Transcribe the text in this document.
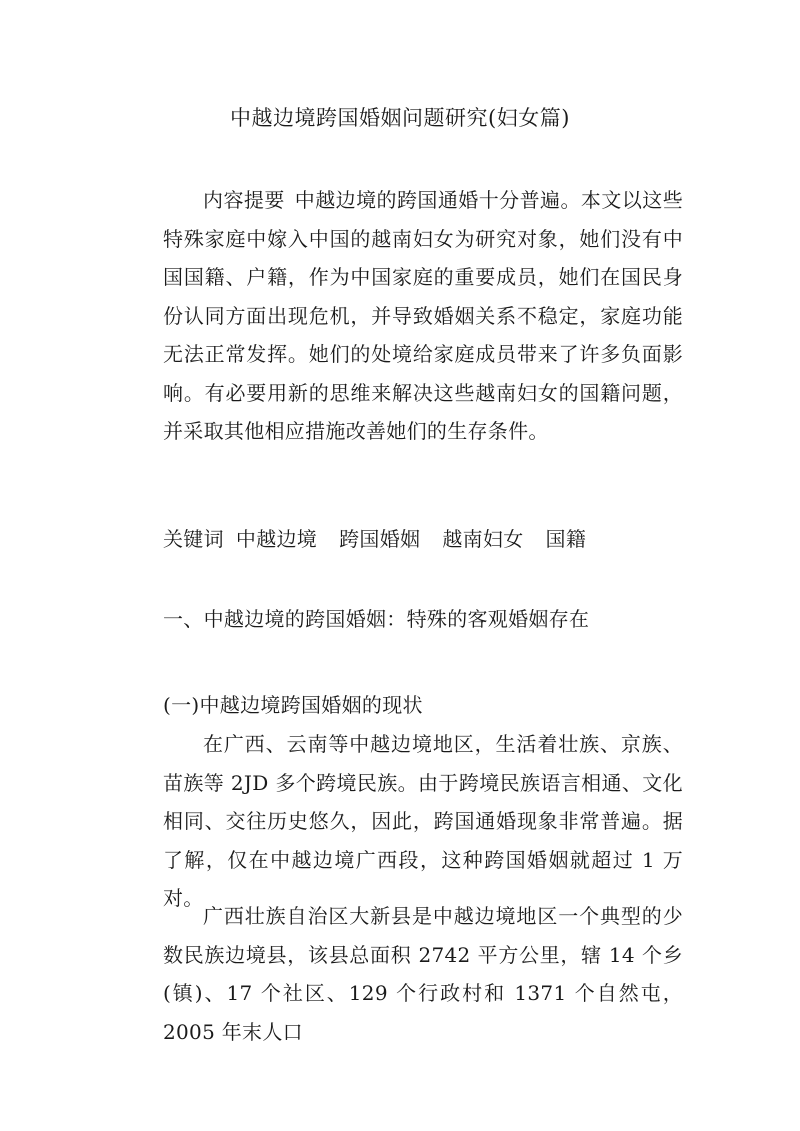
中越边境跨国婚姻问题研究(妇女篇)
内容提要 中越边境的跨国通婚十分普遍。本文以这些特殊家庭中嫁入中国的越南妇女为研究对象，她们没有中国国籍、户籍，作为中国家庭的重要成员，她们在国民身份认同方面出现危机，并导致婚姻关系不稳定，家庭功能无法正常发挥。她们的处境给家庭成员带来了许多负面影响。有必要用新的思维来解决这些越南妇女的国籍问题，并采取其他相应措施改善她们的生存条件。
关键词 中越边境 跨国婚姻 越南妇女 国籍
一、中越边境的跨国婚姻：特殊的客观婚姻存在
(一)中越边境跨国婚姻的现状

在广西、云南等中越边境地区，生活着壮族、京族、苗族等 2JD 多个跨境民族。由于跨境民族语言相通、文化相同、交往历史悠久，因此，跨国通婚现象非常普遍。据了解，仅在中越边境广西段，这种跨国婚姻就超过 1 万对。

广西壮族自治区大新县是中越边境地区一个典型的少数民族边境县，该县总面积 2742 平方公里，辖 14 个乡(镇)、17 个社区、129 个行政村和 1371 个自然屯，2005 年末人口
